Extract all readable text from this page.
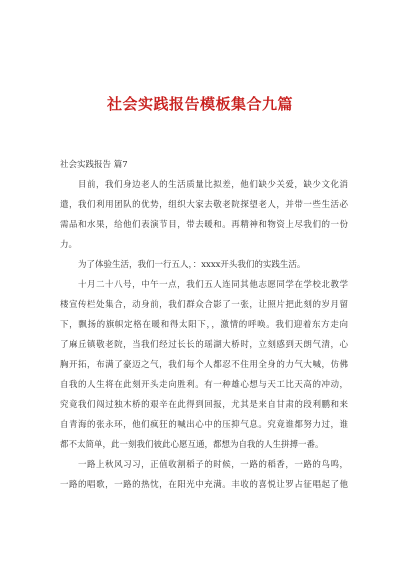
社会实践报告模板集合九篇
社会实践报告 篇7
目前，我们身边老人的生活质量比拟差，他们缺少关爱，缺少文化消
遣，我们利用团队的优势，组织大家去敬老院探望老人，并带一些生活必
需品和水果，给他们表演节目，带去暖和。再精神和物资上尽我们的一份
力。
为了体验生活，我们一行五人，：xxxx开头我们的实践生活。
十月二十八号，中午一点，我们五人连同其他志愿同学在学校北教学
楼宣传栏处集合，动身前，我们群众合影了一张，让照片把此刻的岁月留
下，飘扬的旗帜定格在暖和得太阳下，，激情的呼唤。我们迎着东方走向
了麻丘镇敬老院，当我们经过长长的瑶湖大桥时，立刻感到天朗气清，心
胸开拓，布满了豪迈之气，我们每个人都忍不住用全身的力气大喊，仿佛
自我的人生将在此刻开头走向胜利。有一种雄心想与天工比天高的冲动，
究竟我们闯过独木桥的艰辛在此得到回报，尤其是来自甘肃的段利鹏和来
自青海的张永环，他们疯狂的喊出心中的压抑气息。究竟谁都努力过，谁
都不太简单，此一刻我们彼此心愿互通，都想为自我的人生拼搏一番。
一路上秋风习习，正值收割稻子的时候，一路的稻香，一路的鸟鸣，
一路的唱歌，一路的热忱，在阳光中充满。丰收的喜悦让罗占征唱起了他
